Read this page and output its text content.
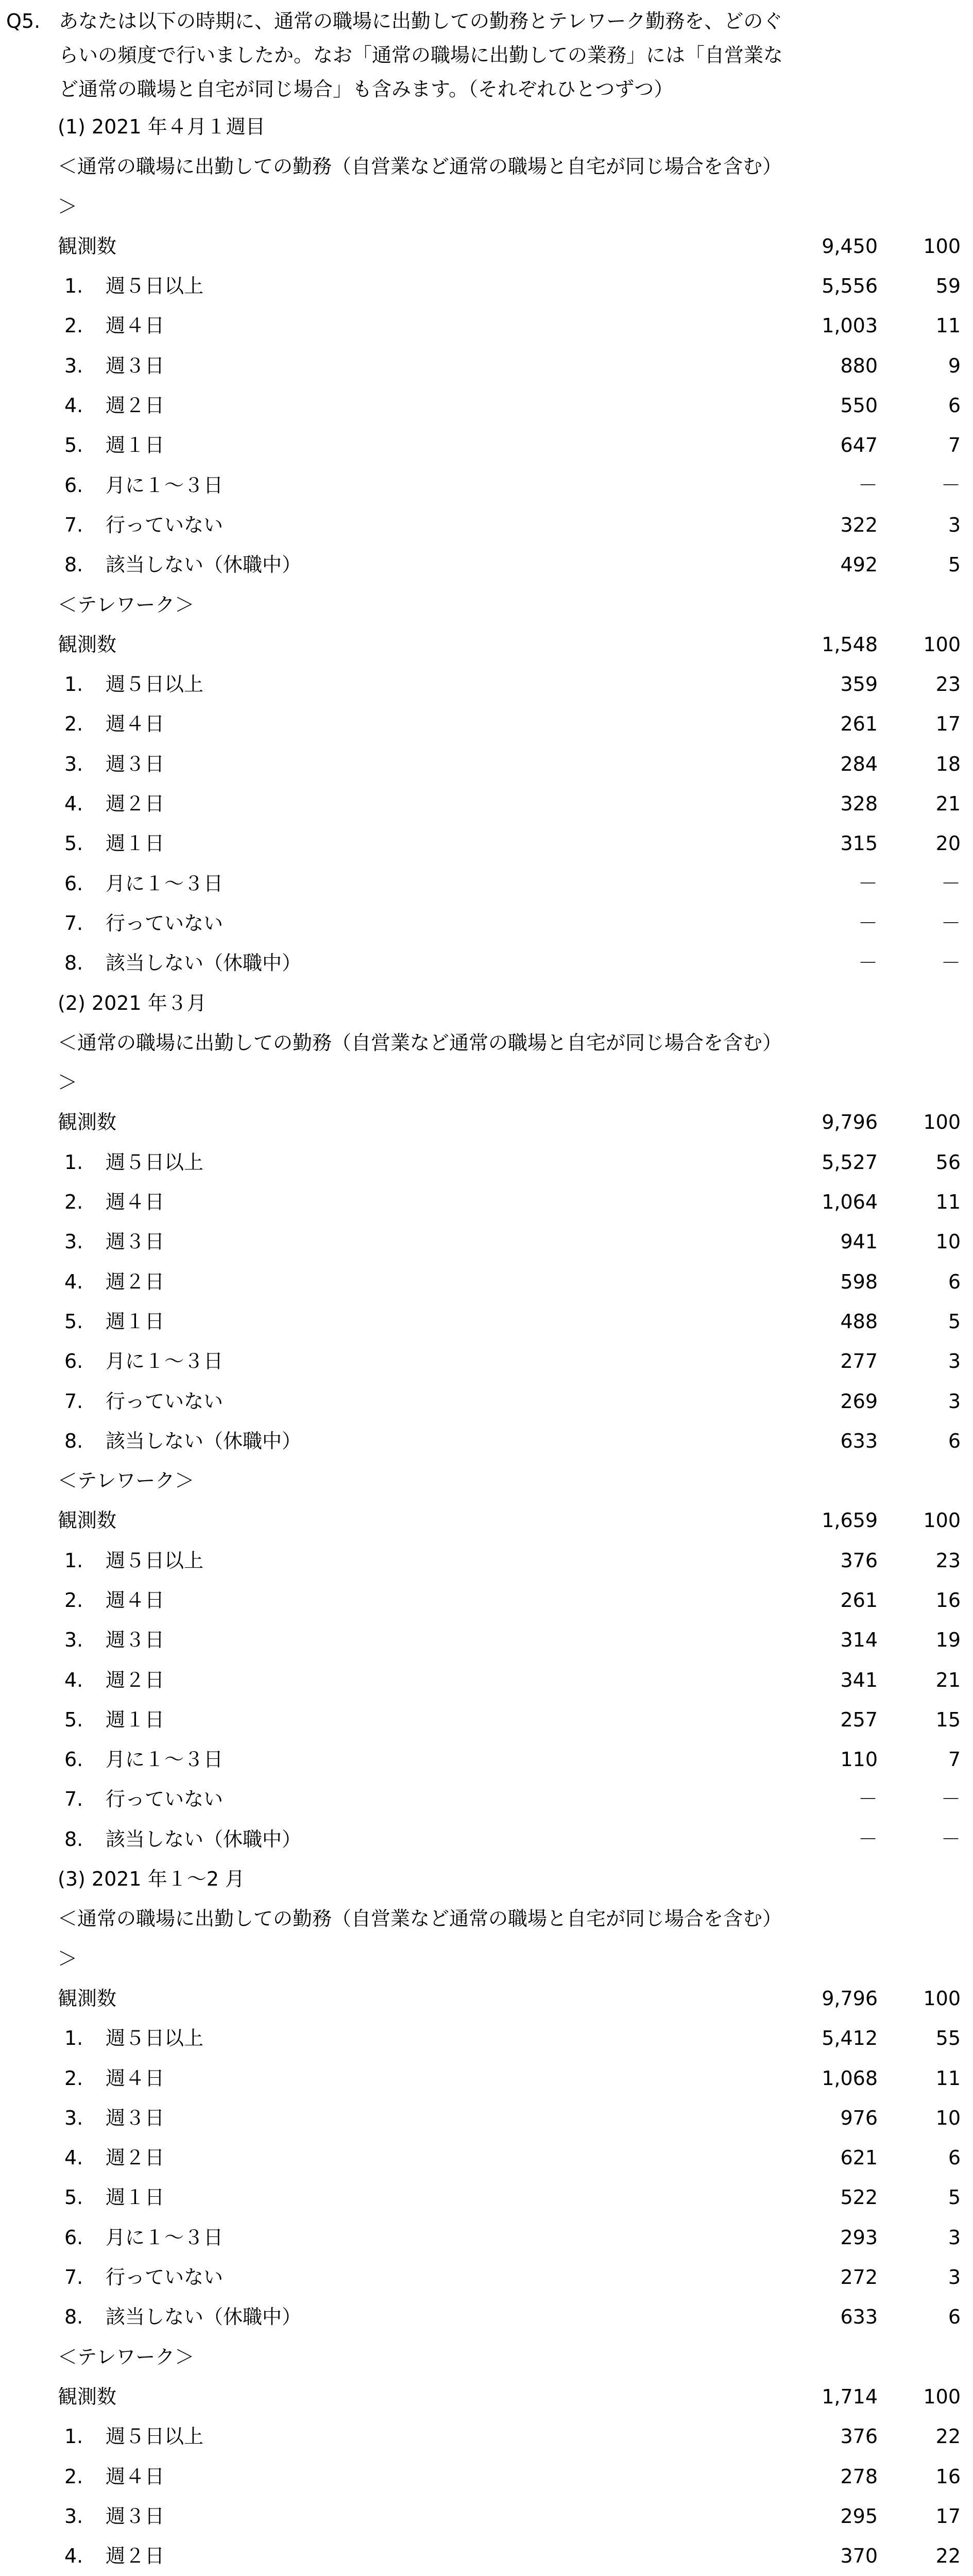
Q5. あなたは以下の時期に、通常の職場に出勤しての勤務とテレワーク勤務を、どのぐらいの頻度で行いましたか。なお「通常の職場に出勤しての業務」には「自営業など通常の職場と自宅が同じ場合」も含みます。（それぞれひとつずつ）
(1) 2021 年４月１週目
＜通常の職場に出勤しての勤務（自営業など通常の職場と自宅が同じ場合を含む）＞
観測数	9,450 100
1. 週５日以上	5,556	59
2. 週４日	1,003	11
3. 週３日	880	9
4. 週２日	550	6
5. 週１日	647	7
6. 月に１～３日	－	－
7. 行っていない	322	3
8. 該当しない（休職中）	492	5
＜テレワーク＞
観測数	1,548 100
1. 週５日以上	359	23
2. 週４日	261	17
3. 週３日	284	18
4. 週２日	328	21
5. 週１日	315	20
6. 月に１～３日	－	－
7. 行っていない	－	－
8. 該当しない（休職中）	－	－
(2) 2021 年３月
＜通常の職場に出勤しての勤務（自営業など通常の職場と自宅が同じ場合を含む）＞
観測数	9,796 100
1. 週５日以上	5,527	56
2. 週４日	1,064	11
3. 週３日	941	10
4. 週２日	598	6
5. 週１日	488	5
6. 月に１～３日	277	3
7. 行っていない	269	3
8. 該当しない（休職中）	633	6
＜テレワーク＞
観測数	1,659 100
1. 週５日以上	376	23
2. 週４日	261	16
3. 週３日	314	19
4. 週２日	341	21
5. 週１日	257	15
6. 月に１～３日	110	7
7. 行っていない	－	－
8. 該当しない（休職中）	－	－
(3) 2021 年１～2 月
＜通常の職場に出勤しての勤務（自営業など通常の職場と自宅が同じ場合を含む）＞
観測数	9,796 100
1. 週５日以上	5,412	55
2. 週４日	1,068	11
3. 週３日	976	10
4. 週２日	621	6
5. 週１日	522	5
6. 月に１～３日	293	3
7. 行っていない	272	3
8. 該当しない（休職中）	633	6
＜テレワーク＞
観測数	1,714 100
1. 週５日以上	376	22
2. 週４日	278	16
3. 週３日	295	17
4. 週２日	370	22
